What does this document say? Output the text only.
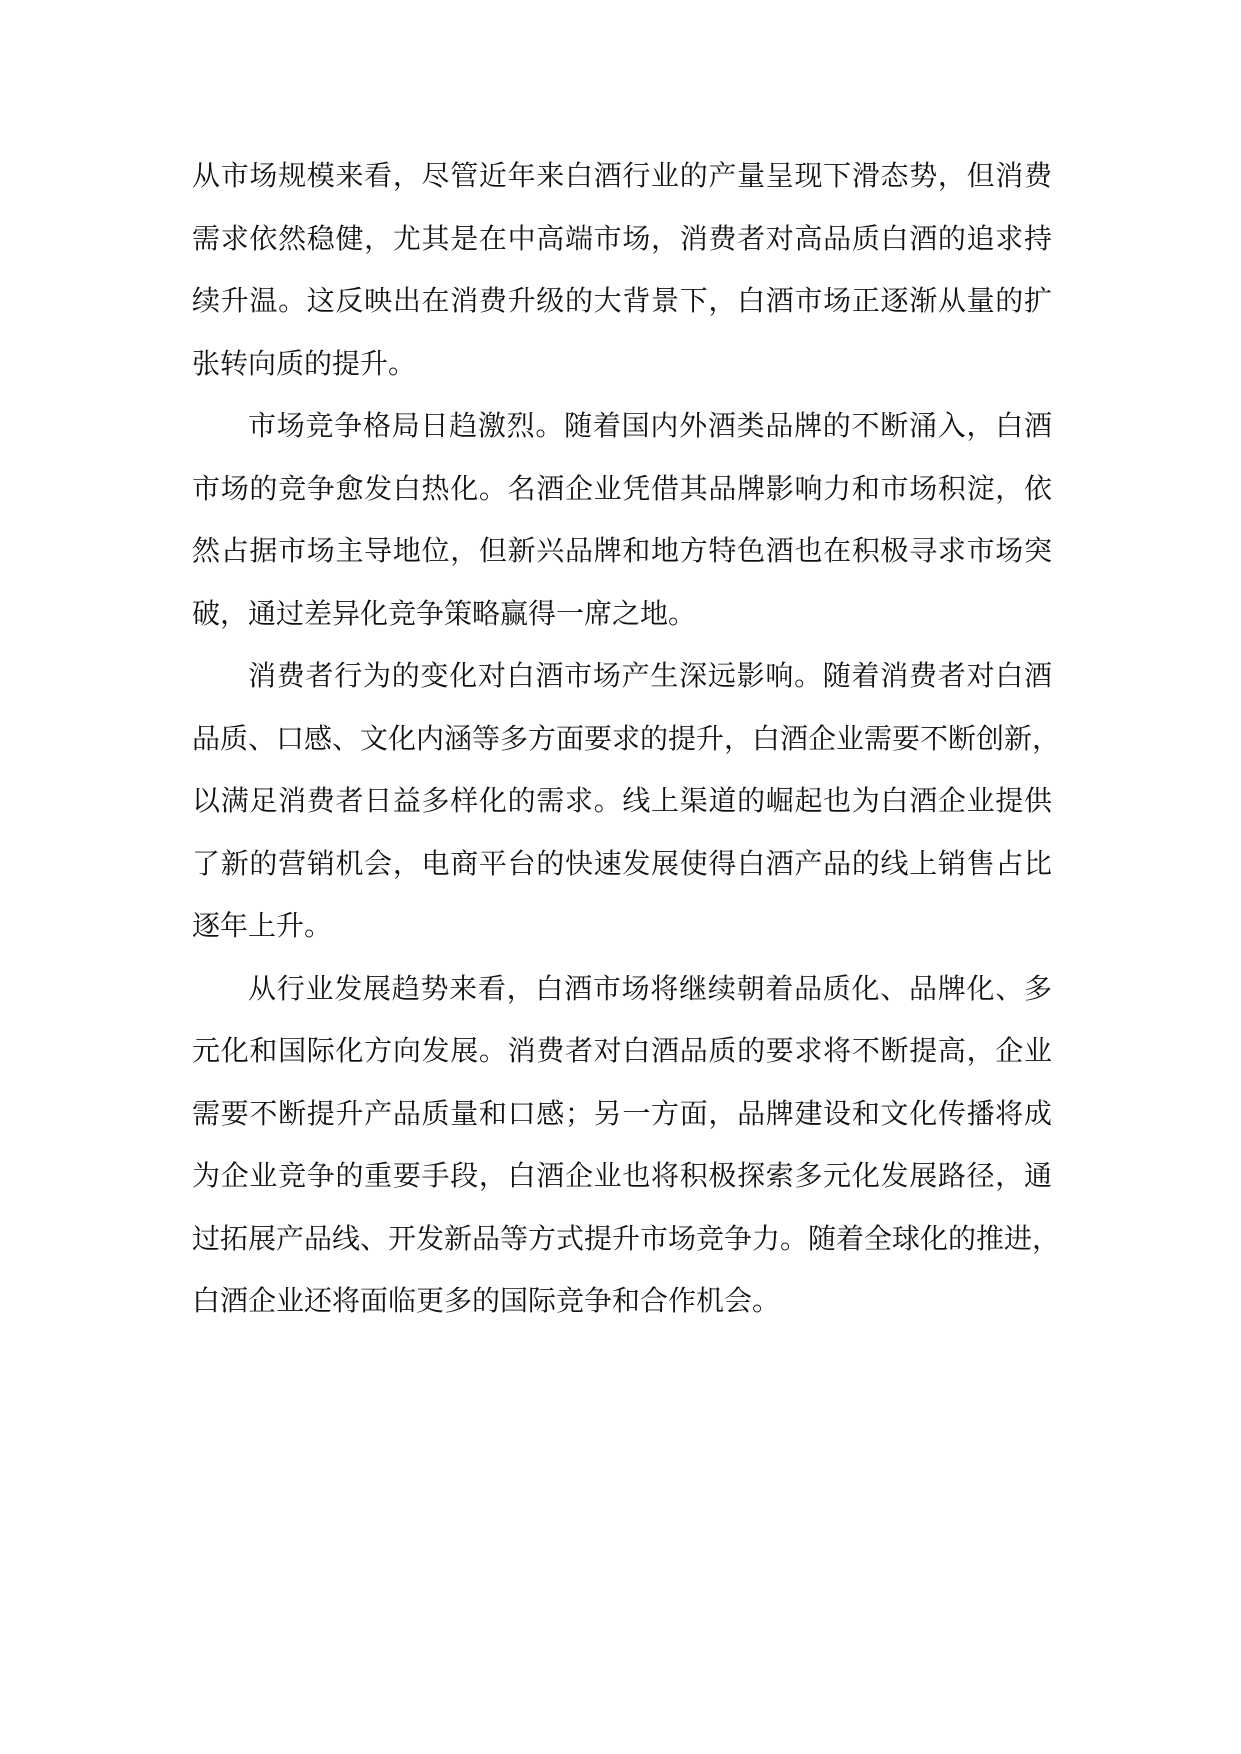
从市场规模来看，尽管近年来白酒行业的产量呈现下滑态势，但消费
需求依然稳健，尤其是在中高端市场，消费者对高品质白酒的追求持
续升温。这反映出在消费升级的大背景下，白酒市场正逐渐从量的扩
张转向质的提升。
市场竞争格局日趋激烈。随着国内外酒类品牌的不断涌入，白酒
市场的竞争愈发白热化。名酒企业凭借其品牌影响力和市场积淀，依
然占据市场主导地位，但新兴品牌和地方特色酒也在积极寻求市场突
破，通过差异化竞争策略赢得一席之地。
消费者行为的变化对白酒市场产生深远影响。随着消费者对白酒
品质、口感、文化内涵等多方面要求的提升，白酒企业需要不断创新，
以满足消费者日益多样化的需求。线上渠道的崛起也为白酒企业提供
了新的营销机会，电商平台的快速发展使得白酒产品的线上销售占比
逐年上升。
从行业发展趋势来看，白酒市场将继续朝着品质化、品牌化、多
元化和国际化方向发展。消费者对白酒品质的要求将不断提高，企业
需要不断提升产品质量和口感；另一方面，品牌建设和文化传播将成
为企业竞争的重要手段，白酒企业也将积极探索多元化发展路径，通
过拓展产品线、开发新品等方式提升市场竞争力。随着全球化的推进，
白酒企业还将面临更多的国际竞争和合作机会。
